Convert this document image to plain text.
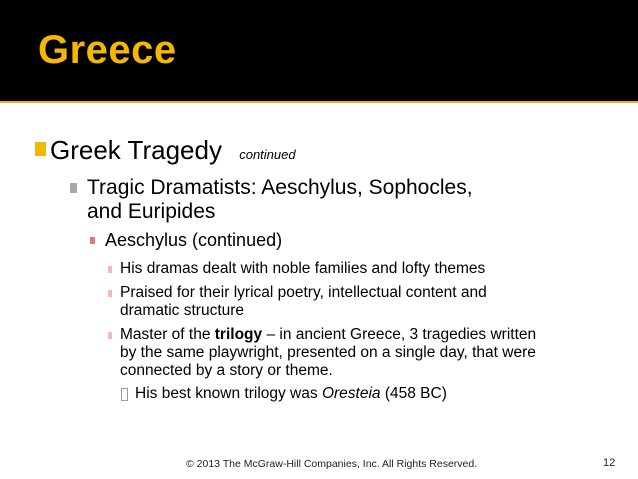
Greece
Greek Tragedy continued
Tragic Dramatists: Aeschylus, Sophocles,
and Euripides
Aeschylus (continued)
His dramas dealt with noble families and lofty themes
Praised for their lyrical poetry, intellectual content and
dramatic structure
Master of the trilogy – in ancient Greece, 3 tragedies written
by the same playwright, presented on a single day, that were
connected by a story or theme.
His best known trilogy was Oresteia (458 BC)
© 2013 The McGraw-Hill Companies, Inc. All Rights Reserved.	12
